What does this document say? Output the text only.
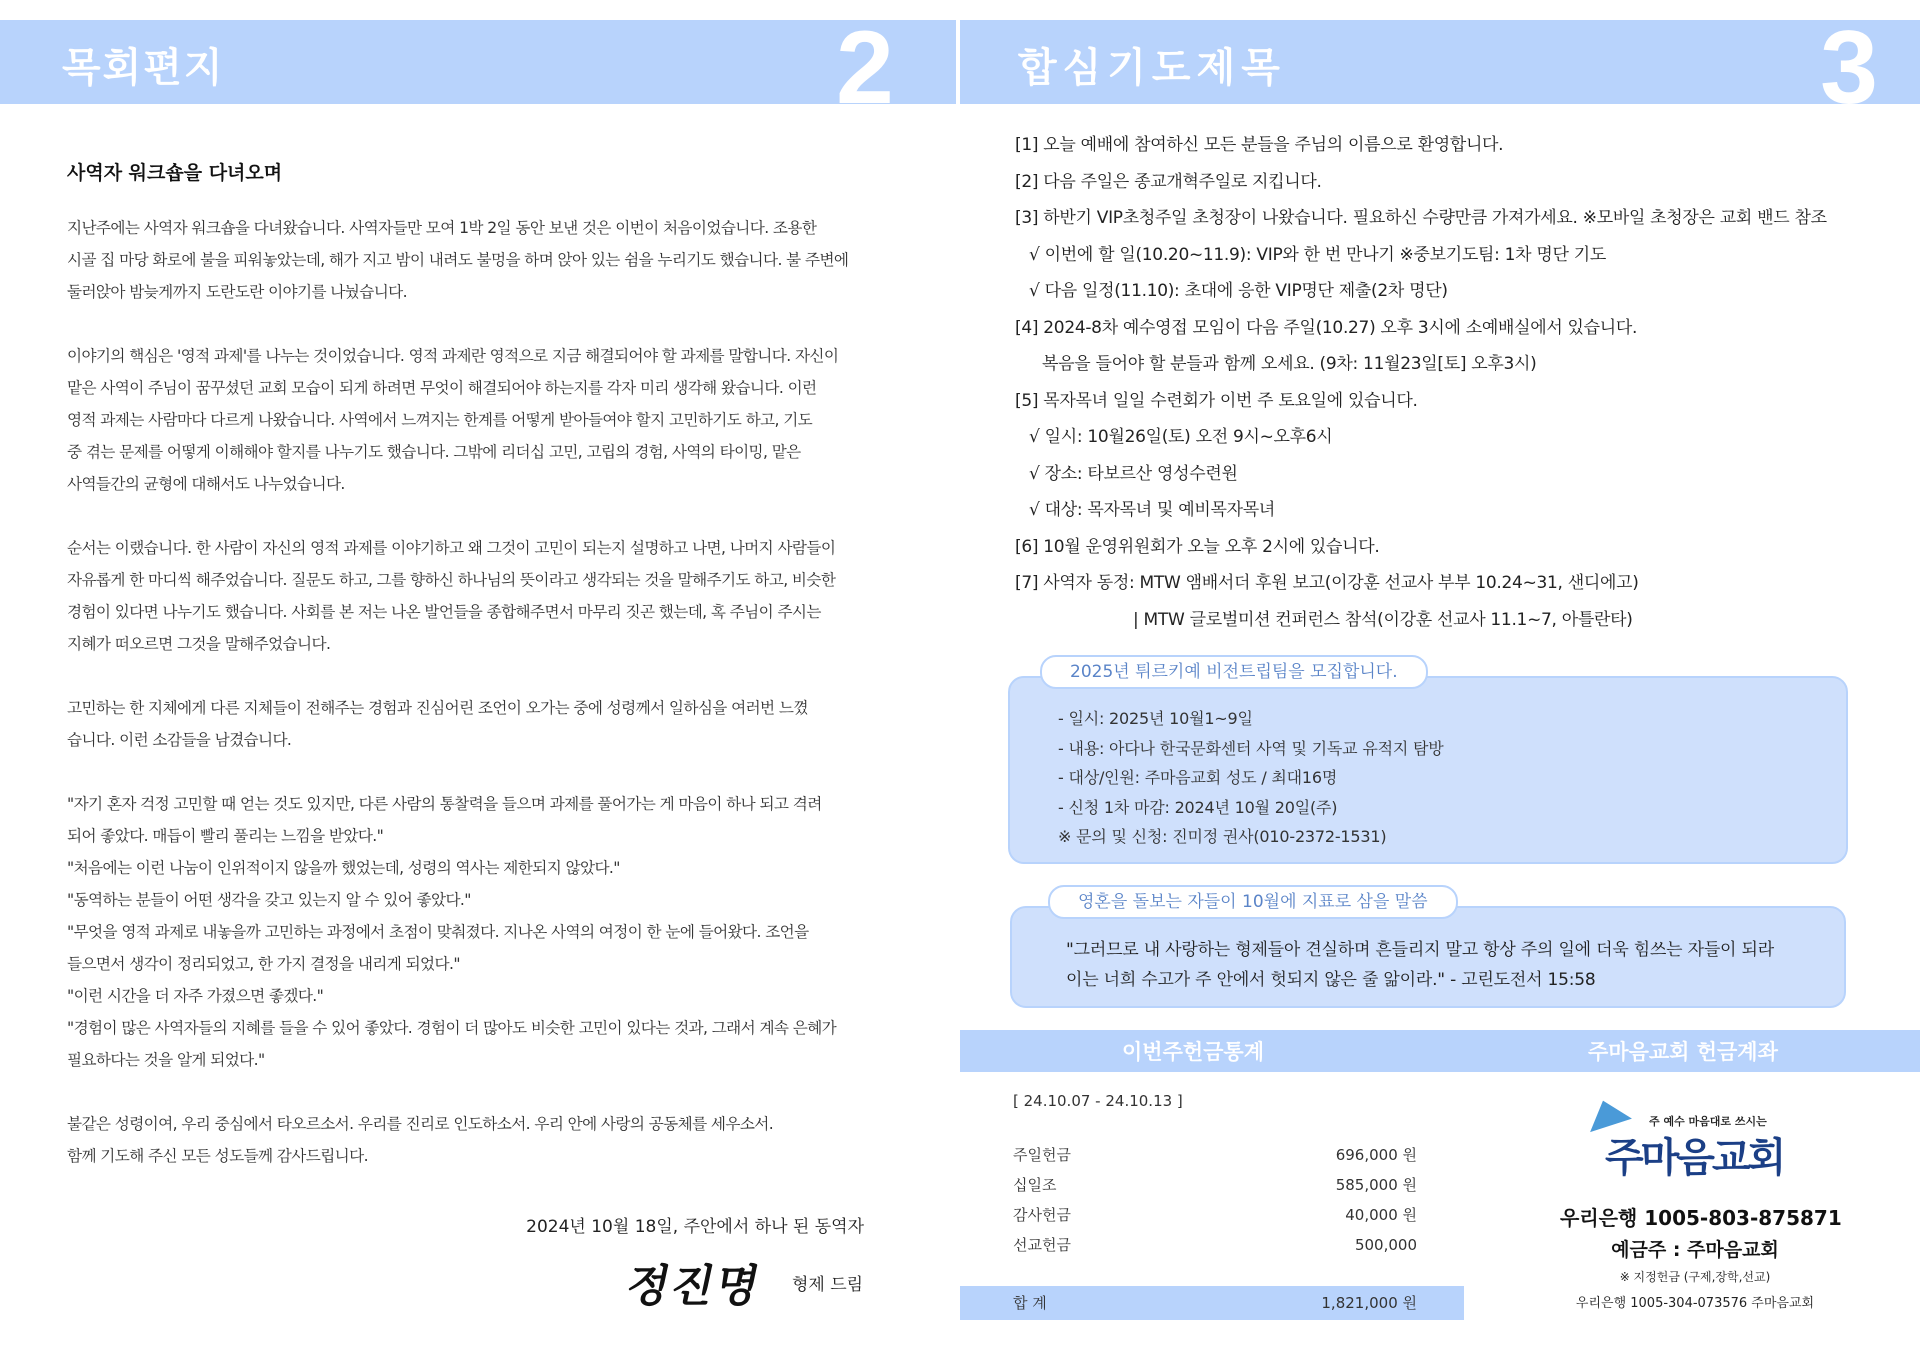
목회편지	2
사역자 워크숍을 다녀오며
지난주에는 사역자 워크숍을 다녀왔습니다. 사역자들만 모여 1박 2일 동안 보낸 것은 이번이 처음이었습니다. 조용한
시골 집 마당 화로에 불을 피워놓았는데, 해가 지고 밤이 내려도 불멍을 하며 앉아 있는 쉼을 누리기도 했습니다. 불 주변에
둘러앉아 밤늦게까지 도란도란 이야기를 나눴습니다.
이야기의 핵심은 '영적 과제'를 나누는 것이었습니다. 영적 과제란 영적으로 지금 해결되어야 할 과제를 말합니다. 자신이
맡은 사역이 주님이 꿈꾸셨던 교회 모습이 되게 하려면 무엇이 해결되어야 하는지를 각자 미리 생각해 왔습니다. 이런
영적 과제는 사람마다 다르게 나왔습니다. 사역에서 느껴지는 한계를 어떻게 받아들여야 할지 고민하기도 하고, 기도
중 겪는 문제를 어떻게 이해해야 할지를 나누기도 했습니다. 그밖에 리더십 고민, 고립의 경험, 사역의 타이밍, 맡은
사역들간의 균형에 대해서도 나누었습니다.
순서는 이랬습니다. 한 사람이 자신의 영적 과제를 이야기하고 왜 그것이 고민이 되는지 설명하고 나면, 나머지 사람들이
자유롭게 한 마디씩 해주었습니다. 질문도 하고, 그를 향하신 하나님의 뜻이라고 생각되는 것을 말해주기도 하고, 비슷한
경험이 있다면 나누기도 했습니다. 사회를 본 저는 나온 발언들을 종합해주면서 마무리 짓곤 했는데, 혹 주님이 주시는
지혜가 떠오르면 그것을 말해주었습니다.
고민하는 한 지체에게 다른 지체들이 전해주는 경험과 진심어린 조언이 오가는 중에 성령께서 일하심을 여러번 느꼈
습니다. 이런 소감들을 남겼습니다.
"자기 혼자 걱정 고민할 때 얻는 것도 있지만, 다른 사람의 통찰력을 들으며 과제를 풀어가는 게 마음이 하나 되고 격려
되어 좋았다. 매듭이 빨리 풀리는 느낌을 받았다."
"처음에는 이런 나눔이 인위적이지 않을까 했었는데, 성령의 역사는 제한되지 않았다."
"동역하는 분들이 어떤 생각을 갖고 있는지 알 수 있어 좋았다."
"무엇을 영적 과제로 내놓을까 고민하는 과정에서 초점이 맞춰졌다. 지나온 사역의 여정이 한 눈에 들어왔다. 조언을
들으면서 생각이 정리되었고, 한 가지 결정을 내리게 되었다."
"이런 시간을 더 자주 가졌으면 좋겠다."
"경험이 많은 사역자들의 지혜를 들을 수 있어 좋았다. 경험이 더 많아도 비슷한 고민이 있다는 것과, 그래서 계속 은혜가
필요하다는 것을 알게 되었다."
불같은 성령이여, 우리 중심에서 타오르소서. 우리를 진리로 인도하소서. 우리 안에 사랑의 공동체를 세우소서.
함께 기도해 주신 모든 성도들께 감사드립니다.
2024년 10월 18일, 주안에서 하나 된 동역자
정진명 형제 드림
합심기도제목	3
[1] 오늘 예배에 참여하신 모든 분들을 주님의 이름으로 환영합니다.
[2] 다음 주일은 종교개혁주일로 지킵니다.
[3] 하반기 VIP초청주일 초청장이 나왔습니다. 필요하신 수량만큼 가져가세요. ※모바일 초청장은 교회 밴드 참조
√ 이번에 할 일(10.20~11.9): VIP와 한 번 만나기 ※중보기도팀: 1차 명단 기도
√ 다음 일정(11.10): 초대에 응한 VIP명단 제출(2차 명단)
[4] 2024-8차 예수영접 모임이 다음 주일(10.27) 오후 3시에 소예배실에서 있습니다.
복음을 들어야 할 분들과 함께 오세요. (9차: 11월23일[토] 오후3시)
[5] 목자목녀 일일 수련회가 이번 주 토요일에 있습니다.
√ 일시: 10월26일(토) 오전 9시~오후6시
√ 장소: 타보르산 영성수련원
√ 대상: 목자목녀 및 예비목자목녀
[6] 10월 운영위원회가 오늘 오후 2시에 있습니다.
[7] 사역자 동정: MTW 앰배서더 후원 보고(이강훈 선교사 부부 10.24~31, 샌디에고)
| MTW 글로벌미션 컨퍼런스 참석(이강훈 선교사 11.1~7, 아틀란타)
2025년 튀르키예 비전트립팀을 모집합니다.
- 일시: 2025년 10월1~9일
- 내용: 아다나 한국문화센터 사역 및 기독교 유적지 탐방
- 대상/인원: 주마음교회 성도 / 최대16명
- 신청 1차 마감: 2024년 10월 20일(주)
※ 문의 및 신청: 진미정 권사(010-2372-1531)
영혼을 돌보는 자들이 10월에 지표로 삼을 말씀
"그러므로 내 사랑하는 형제들아 견실하며 흔들리지 말고 항상 주의 일에 더욱 힘쓰는 자들이 되라
이는 너희 수고가 주 안에서 헛되지 않은 줄 앎이라." - 고린도전서 15:58
이번주헌금통계	주마음교회 헌금계좌
[ 24.10.07 - 24.10.13 ]
주일헌금	696,000 원
십일조	585,000 원
감사헌금	40,000 원
선교헌금	500,000
합 계	1,821,000 원
주 예수 마음대로 쓰시는
주마음교회
우리은행 1005-803-875871
예금주 : 주마음교회
※ 지정헌금 (구제,장학,선교)
우리은행 1005-304-073576 주마음교회
